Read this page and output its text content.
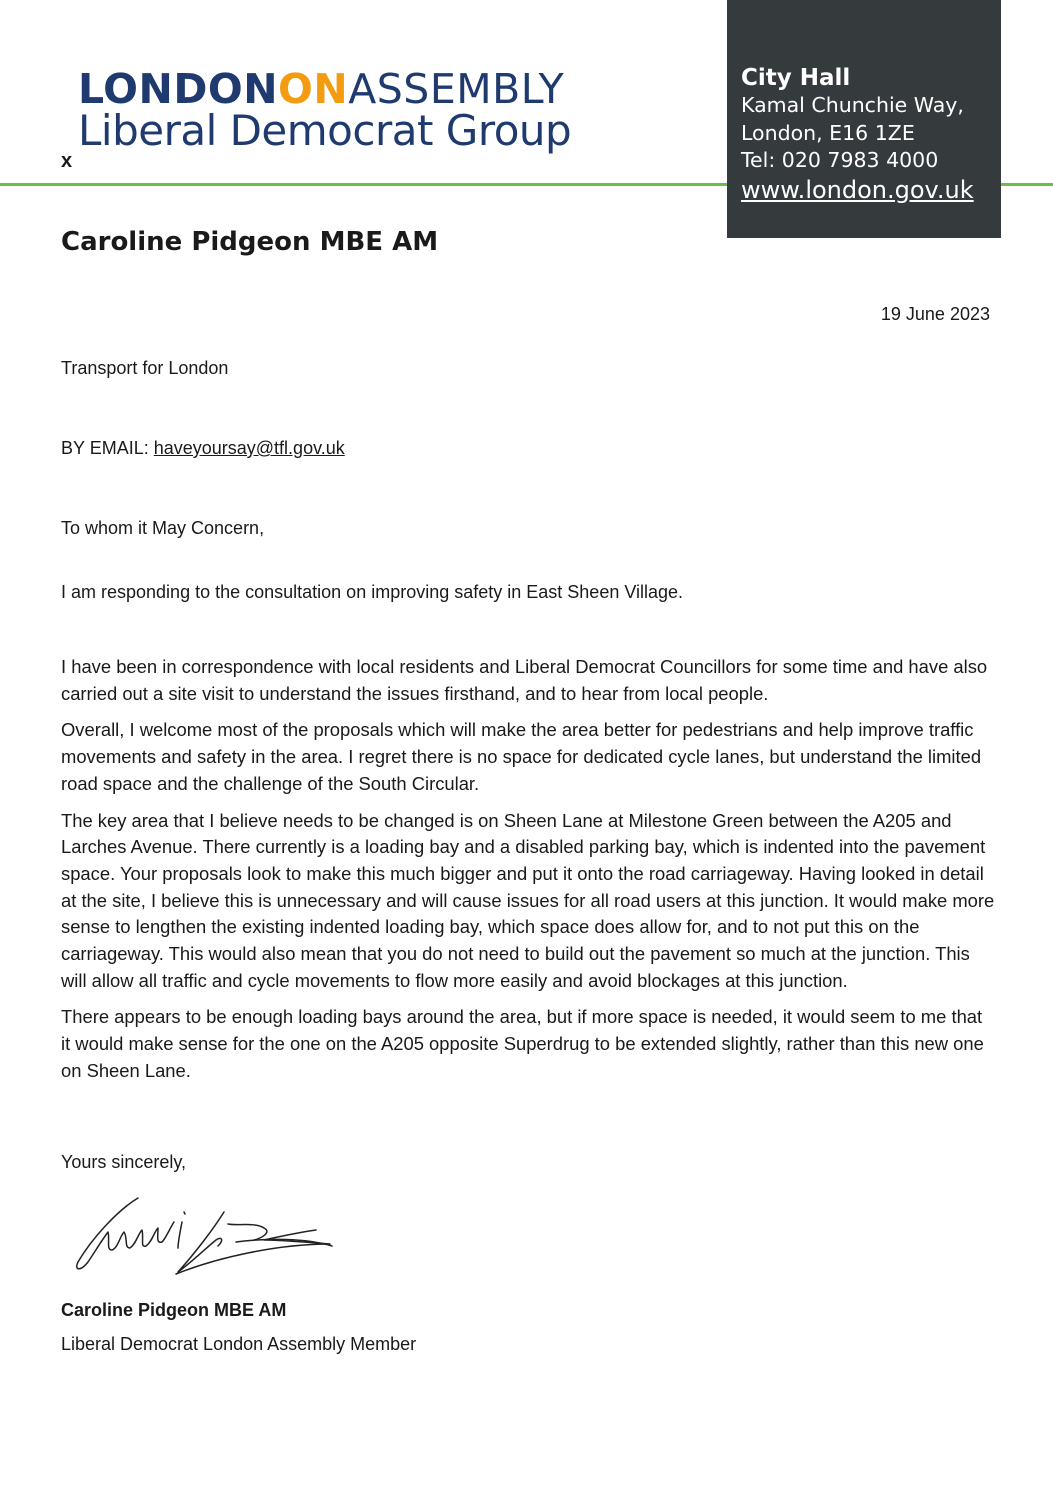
LONDONONASSEMBLY
Liberal Democrat Group
x
City Hall
Kamal Chunchie Way,
London, E16 1ZE
Tel: 020 7983 4000
www.london.gov.uk
Caroline Pidgeon MBE AM
19 June 2023
Transport for London
BY EMAIL: haveyoursay@tfl.gov.uk
To whom it May Concern,
I am responding to the consultation on improving safety in East Sheen Village.

I have been in correspondence with local residents and Liberal Democrat Councillors for some time and have also carried out a site visit to understand the issues firsthand, and to hear from local people.

Overall, I welcome most of the proposals which will make the area better for pedestrians and help improve traffic movements and safety in the area. I regret there is no space for dedicated cycle lanes, but understand the limited road space and the challenge of the South Circular.

The key area that I believe needs to be changed is on Sheen Lane at Milestone Green between the A205 and Larches Avenue. There currently is a loading bay and a disabled parking bay, which is indented into the pavement space. Your proposals look to make this much bigger and put it onto the road carriageway. Having looked in detail at the site, I believe this is unnecessary and will cause issues for all road users at this junction. It would make more sense to lengthen the existing indented loading bay, which space does allow for, and to not put this on the carriageway. This would also mean that you do not need to build out the pavement so much at the junction. This will allow all traffic and cycle movements to flow more easily and avoid blockages at this junction.

There appears to be enough loading bays around the area, but if more space is needed, it would seem to me that it would make sense for the one on the A205 opposite Superdrug to be extended slightly, rather than this new one on Sheen Lane.

Yours sincerely,
Caroline Pidgeon MBE AM
Liberal Democrat London Assembly Member
